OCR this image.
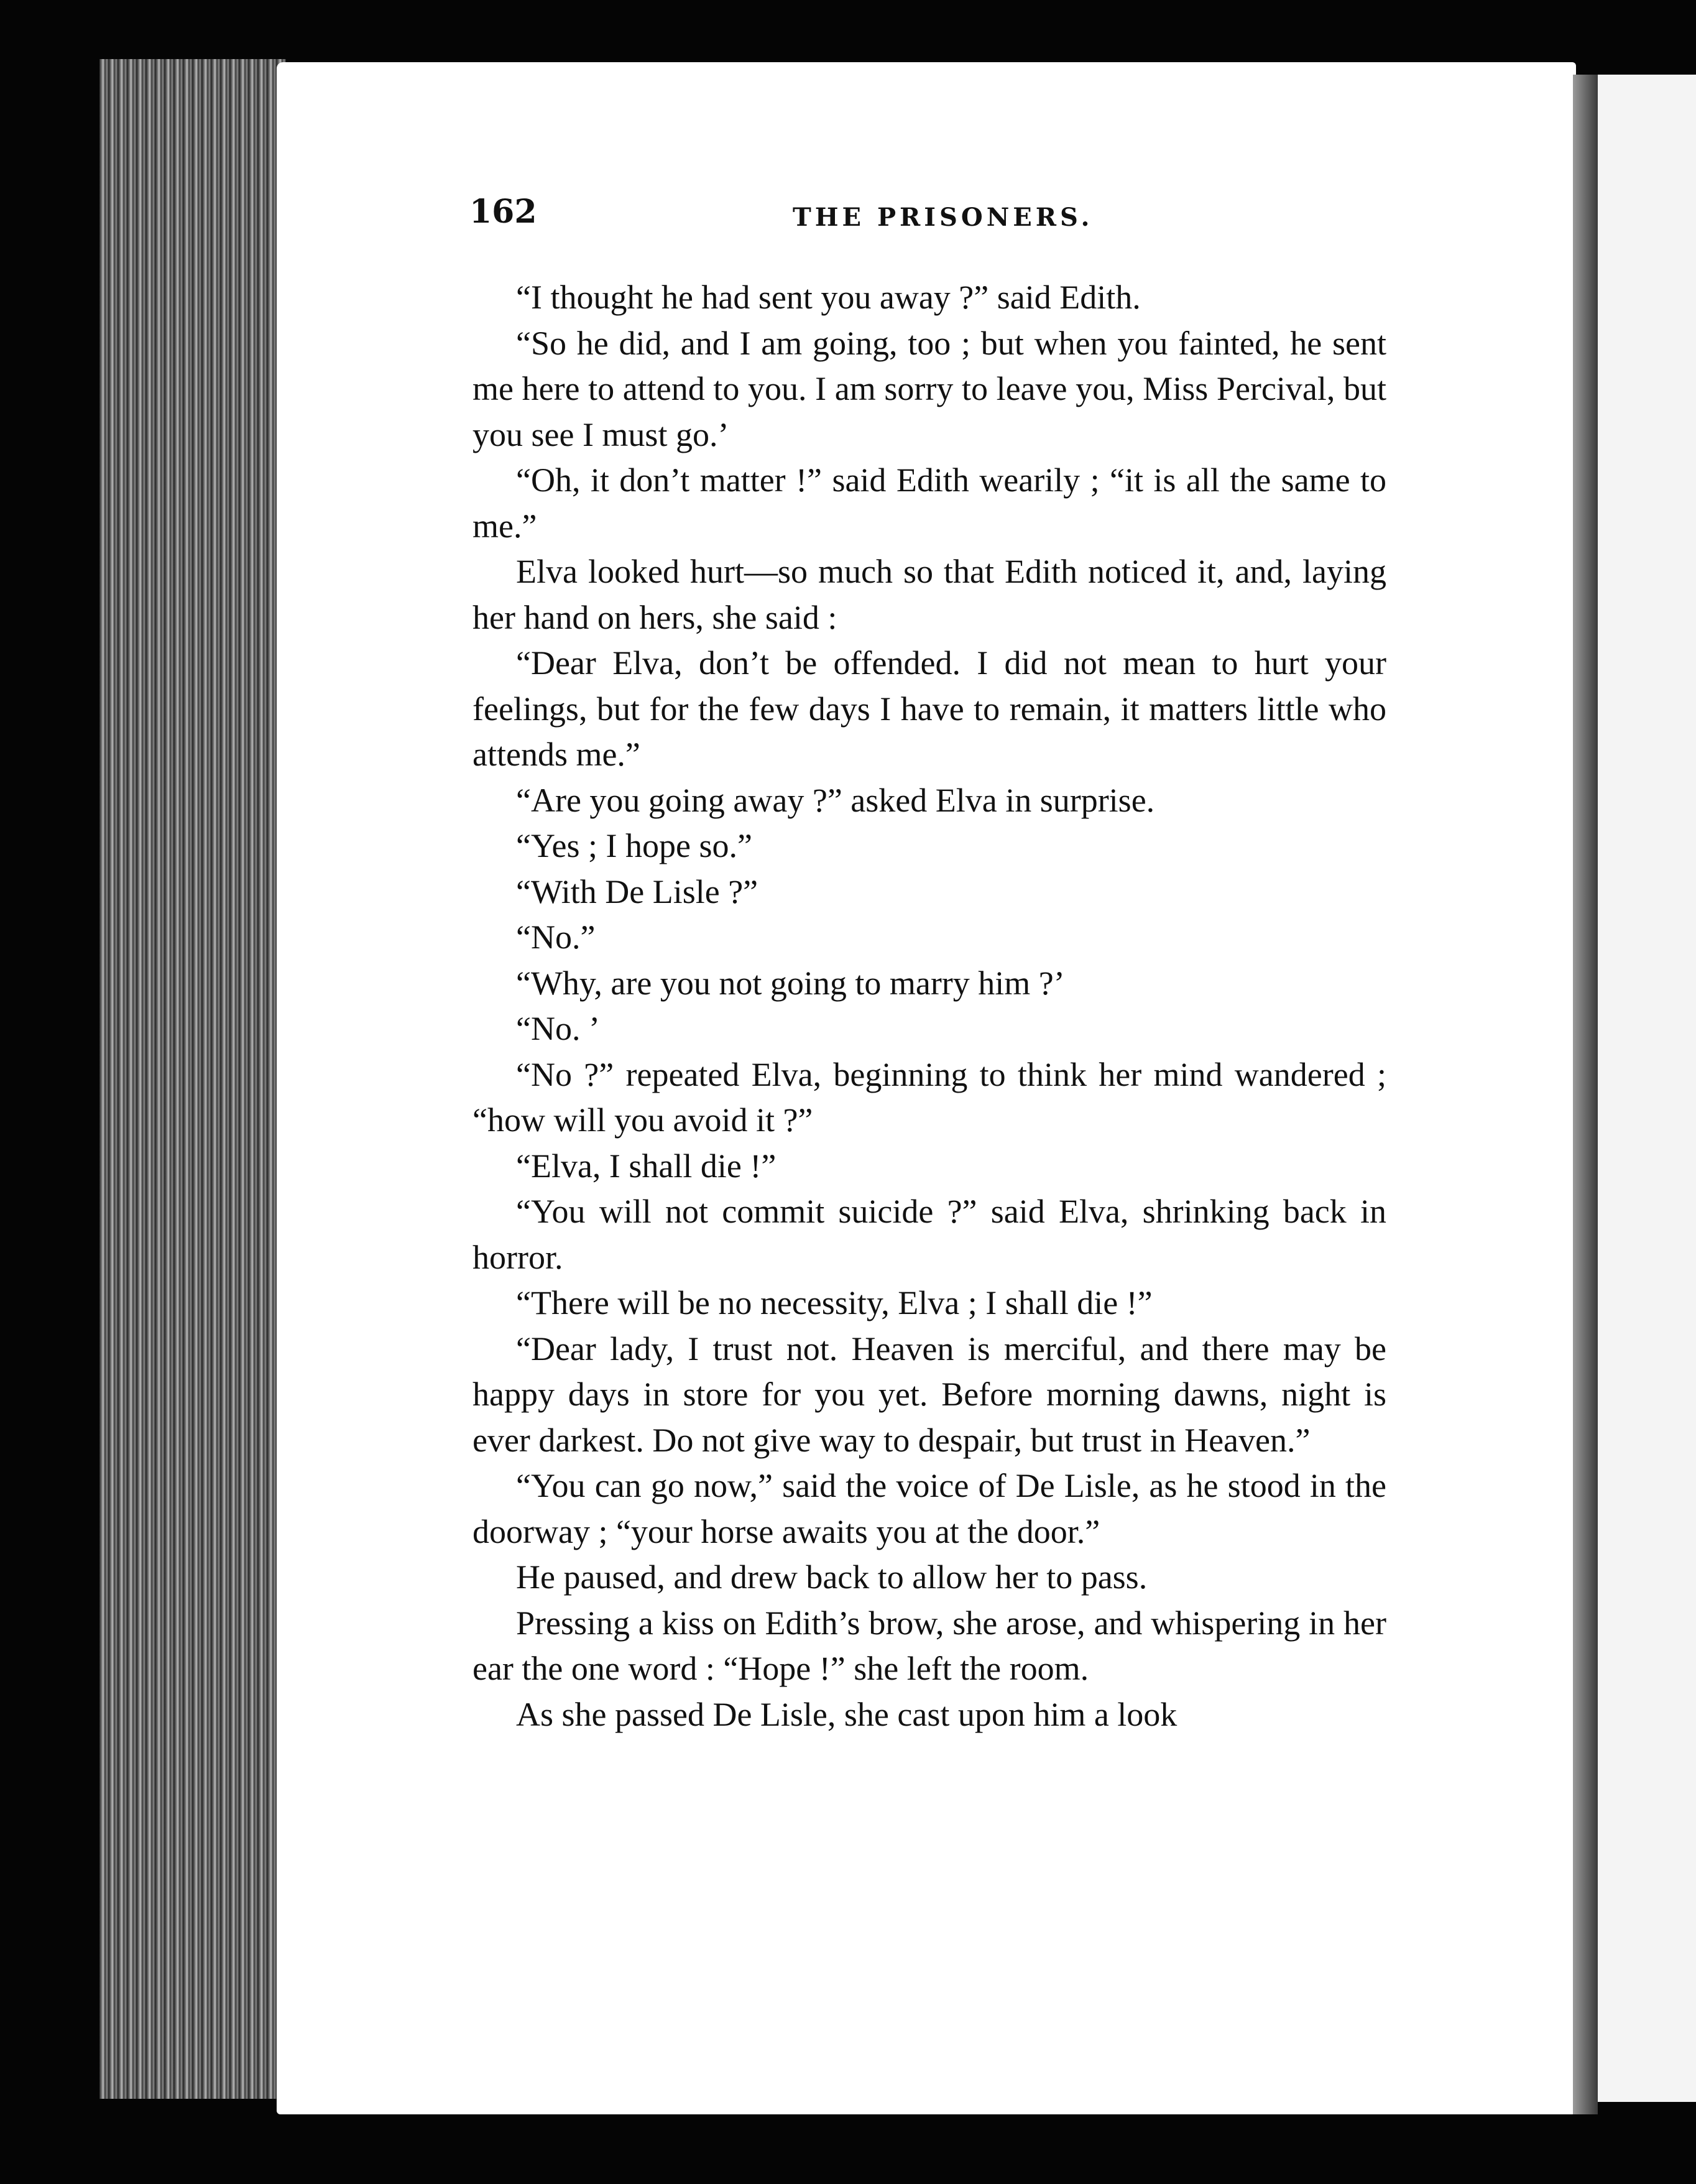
162	THE PRISONERS.

“I thought he had sent you away ?” said Edith.

“So he did, and I am going, too ; but when you fainted, he sent me here to attend to you. I am sorry to leave you, Miss Percival, but you see I must go.’

“Oh, it don’t matter !” said Edith wearily ; “it is all the same to me.”

Elva looked hurt—so much so that Edith noticed it, and, laying her hand on hers, she said :

“Dear Elva, don’t be offended. I did not mean to hurt your feelings, but for the few days I have to remain, it matters little who attends me.”

“Are you going away ?” asked Elva in surprise.

“Yes ; I hope so.”

“With De Lisle ?”

“No.”

“Why, are you not going to marry him ?’

“No. ’

“No ?” repeated Elva, beginning to think her mind wandered ; “how will you avoid it ?”

“Elva, I shall die !”

“You will not commit suicide ?” said Elva, shrinking back in horror.

“There will be no necessity, Elva ; I shall die !”

“Dear lady, I trust not. Heaven is merciful, and there may be happy days in store for you yet. Before morning dawns, night is ever darkest. Do not give way to despair, but trust in Heaven.”

“You can go now,” said the voice of De Lisle, as he stood in the doorway ; “your horse awaits you at the door.”

He paused, and drew back to allow her to pass.

Pressing a kiss on Edith’s brow, she arose, and whispering in her ear the one word : “Hope !” she left the room.

As she passed De Lisle, she cast upon him a look
